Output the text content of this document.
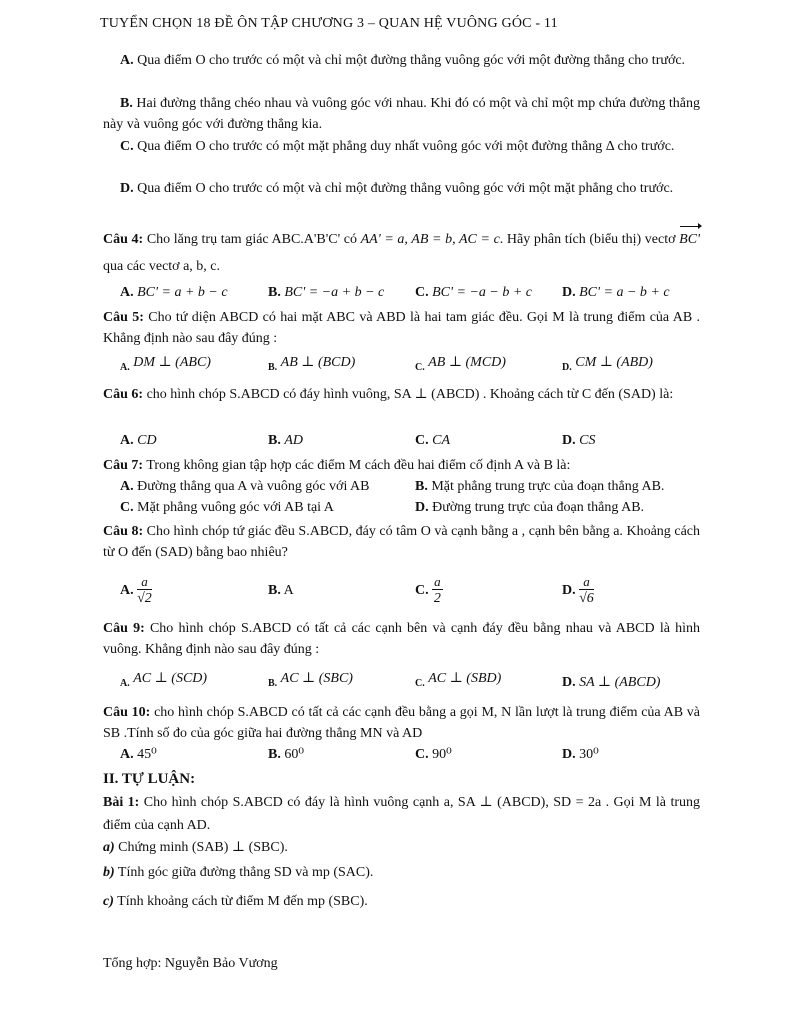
TUYỂN CHỌN 18 ĐỀ ÔN TẬP CHƯƠNG 3 – QUAN HỆ VUÔNG GÓC - 11
A. Qua điểm O cho trước có một và chỉ một đường thẳng vuông góc với một đường thẳng cho trước.
B. Hai đường thẳng chéo nhau và vuông góc với nhau. Khi đó có một và chỉ một mp chứa đường thẳng này và vuông góc với đường thẳng kia.
C. Qua điểm O cho trước có một mặt phẳng duy nhất vuông góc với một đường thẳng Δ cho trước.
D. Qua điểm O cho trước có một và chỉ một đường thẳng vuông góc với một mặt phẳng cho trước.
Câu 4: Cho lăng trụ tam giác ABC.A'B'C' có AA' = a, AB = b, AC = c. Hãy phân tích (biểu thị) vectơ BC' qua các vectơ a, b, c.
A. BC' = a + b − c	B. BC' = −a + b − c C. BC' = −a − b + c D. BC' = a − b + c
Câu 5: Cho tứ diện ABCD có hai mặt ABC và ABD là hai tam giác đều. Gọi M là trung điểm của AB . Khẳng định nào sau đây đúng :
$_{A.}$ DM ⊥ (ABC)	$_{B.}$ AB ⊥ (BCD)	$_{C.}$ AB ⊥ (MCD)	$_{D.}$ CM ⊥ (ABD)
Câu 6: cho hình chóp S.ABCD có đáy hình vuông, SA ⊥ (ABCD) . Khoảng cách từ C đến (SAD) là:
A. CD	B. AD	C. CA	D. CS
Câu 7: Trong không gian tập hợp các điểm M cách đều hai điểm cố định A và B là:
A. Đường thẳng qua A và vuông góc với AB	B. Mặt phẳng trung trực của đoạn thẳng AB.
C. Mặt phẳng vuông góc với AB tại A	D. Đường trung trực của đoạn thẳng AB.
Câu 8: Cho hình chóp tứ giác đều S.ABCD, đáy có tâm O và cạnh bằng a , cạnh bên bằng a. Khoảng cách từ O đến (SAD) bằng bao nhiêu?
A. $\frac{a}{√2}$	B. A	C. $\frac{a}{2}$	D. $\frac{a}{√6}$
Câu 9: Cho hình chóp S.ABCD có tất cả các cạnh bên và cạnh đáy đều bằng nhau và ABCD là hình vuông. Khẳng định nào sau đây đúng :
$_{A.}$ AC ⊥ (SCD)	$_{B.}$ AC ⊥ (SBC)	$_{C.}$ AC ⊥ (SBD)	D. SA ⊥ (ABCD)
Câu 10: cho hình chóp S.ABCD có tất cả các cạnh đều bằng a gọi M, N lần lượt là trung điểm của AB và SB .Tính số đo của góc giữa hai đường thẳng MN và AD
A. 45⁰	B. 60⁰	C. 90⁰	D. 30⁰
II. TỰ LUẬN:
Bài 1: Cho hình chóp S.ABCD có đáy là hình vuông cạnh a, SA ⊥ (ABCD), SD = 2a . Gọi M là trung điểm của cạnh AD.
a) Chứng minh (SAB) ⊥ (SBC).
b) Tính góc giữa đường thẳng SD và mp (SAC).
c) Tính khoảng cách từ điểm M đến mp (SBC).
Tổng hợp: Nguyễn Bảo Vương
